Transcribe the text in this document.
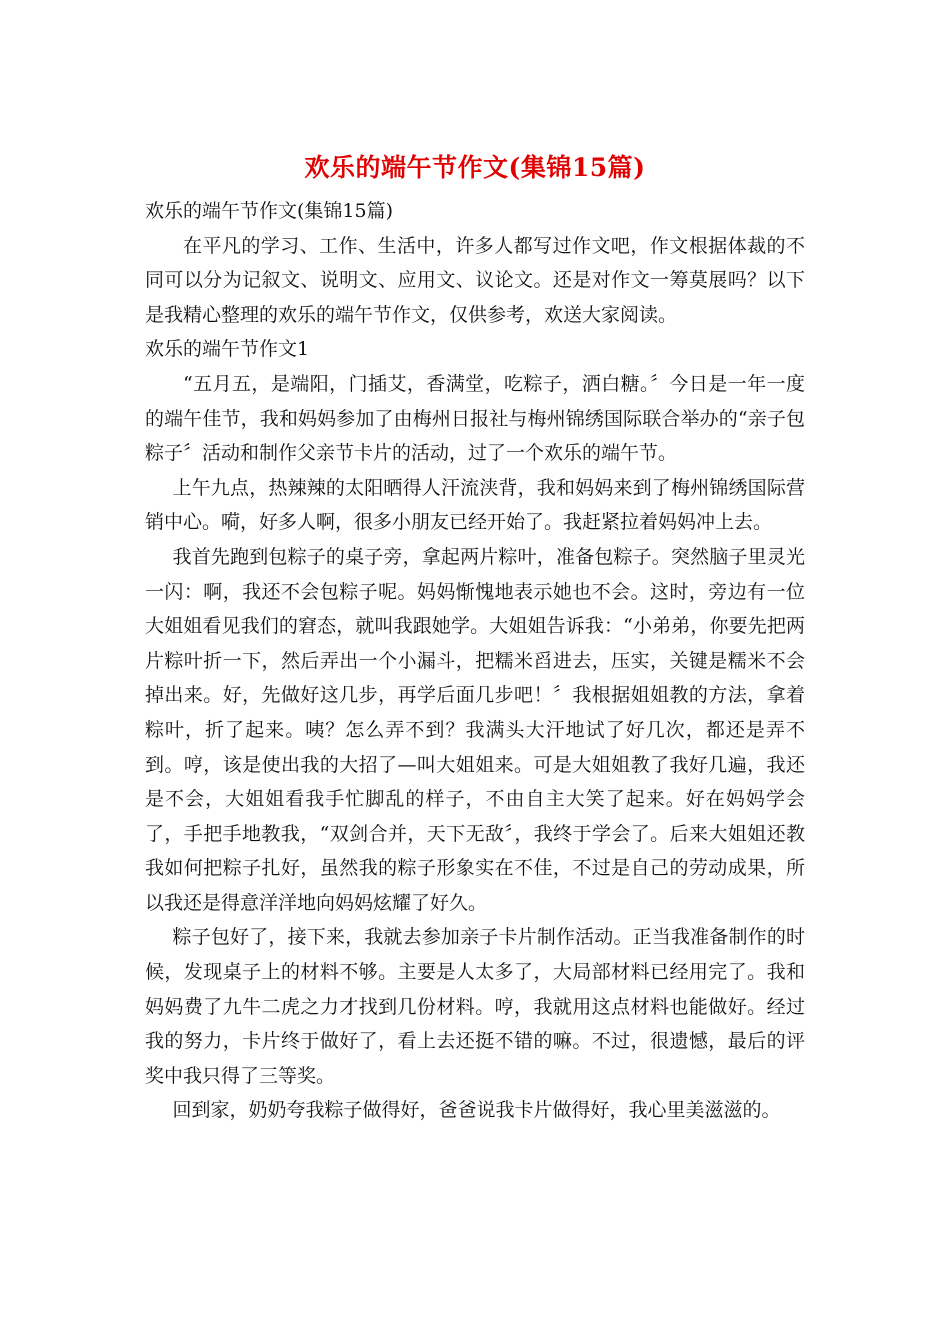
欢乐的端午节作文(集锦15篇)

欢乐的端午节作文(集锦15篇)

在平凡的学习、工作、生活中，许多人都写过作文吧，作文根据体裁的不同可以分为记叙文、说明文、应用文、议论文。还是对作文一筹莫展吗？以下是我精心整理的欢乐的端午节作文，仅供参考，欢送大家阅读。

欢乐的端午节作文1

“五月五，是端阳，门插艾，香满堂，吃粽子，洒白糖。〞今日是一年一度的端午佳节，我和妈妈参加了由梅州日报社与梅州锦绣国际联合举办的“亲子包粽子〞活动和制作父亲节卡片的活动，过了一个欢乐的端午节。

上午九点，热辣辣的太阳晒得人汗流浃背，我和妈妈来到了梅州锦绣国际营销中心。嗬，好多人啊，很多小朋友已经开始了。我赶紧拉着妈妈冲上去。

我首先跑到包粽子的桌子旁，拿起两片粽叶，准备包粽子。突然脑子里灵光一闪：啊，我还不会包粽子呢。妈妈惭愧地表示她也不会。这时，旁边有一位大姐姐看见我们的窘态，就叫我跟她学。大姐姐告诉我：“小弟弟，你要先把两片粽叶折一下，然后弄出一个小漏斗，把糯米舀进去，压实，关键是糯米不会掉出来。好，先做好这几步，再学后面几步吧！〞我根据姐姐教的方法，拿着粽叶，折了起来。咦？怎么弄不到？我满头大汗地试了好几次，都还是弄不到。哼，该是使出我的大招了—叫大姐姐来。可是大姐姐教了我好几遍，我还是不会，大姐姐看我手忙脚乱的样子，不由自主大笑了起来。好在妈妈学会了，手把手地教我，“双剑合并，天下无敌〞，我终于学会了。后来大姐姐还教我如何把粽子扎好，虽然我的粽子形象实在不佳，不过是自己的劳动成果，所以我还是得意洋洋地向妈妈炫耀了好久。

粽子包好了，接下来，我就去参加亲子卡片制作活动。正当我准备制作的时候，发现桌子上的材料不够。主要是人太多了，大局部材料已经用完了。我和妈妈费了九牛二虎之力才找到几份材料。哼，我就用这点材料也能做好。经过我的努力，卡片终于做好了，看上去还挺不错的嘛。不过，很遗憾，最后的评奖中我只得了三等奖。

回到家，奶奶夸我粽子做得好，爸爸说我卡片做得好，我心里美滋滋的。
